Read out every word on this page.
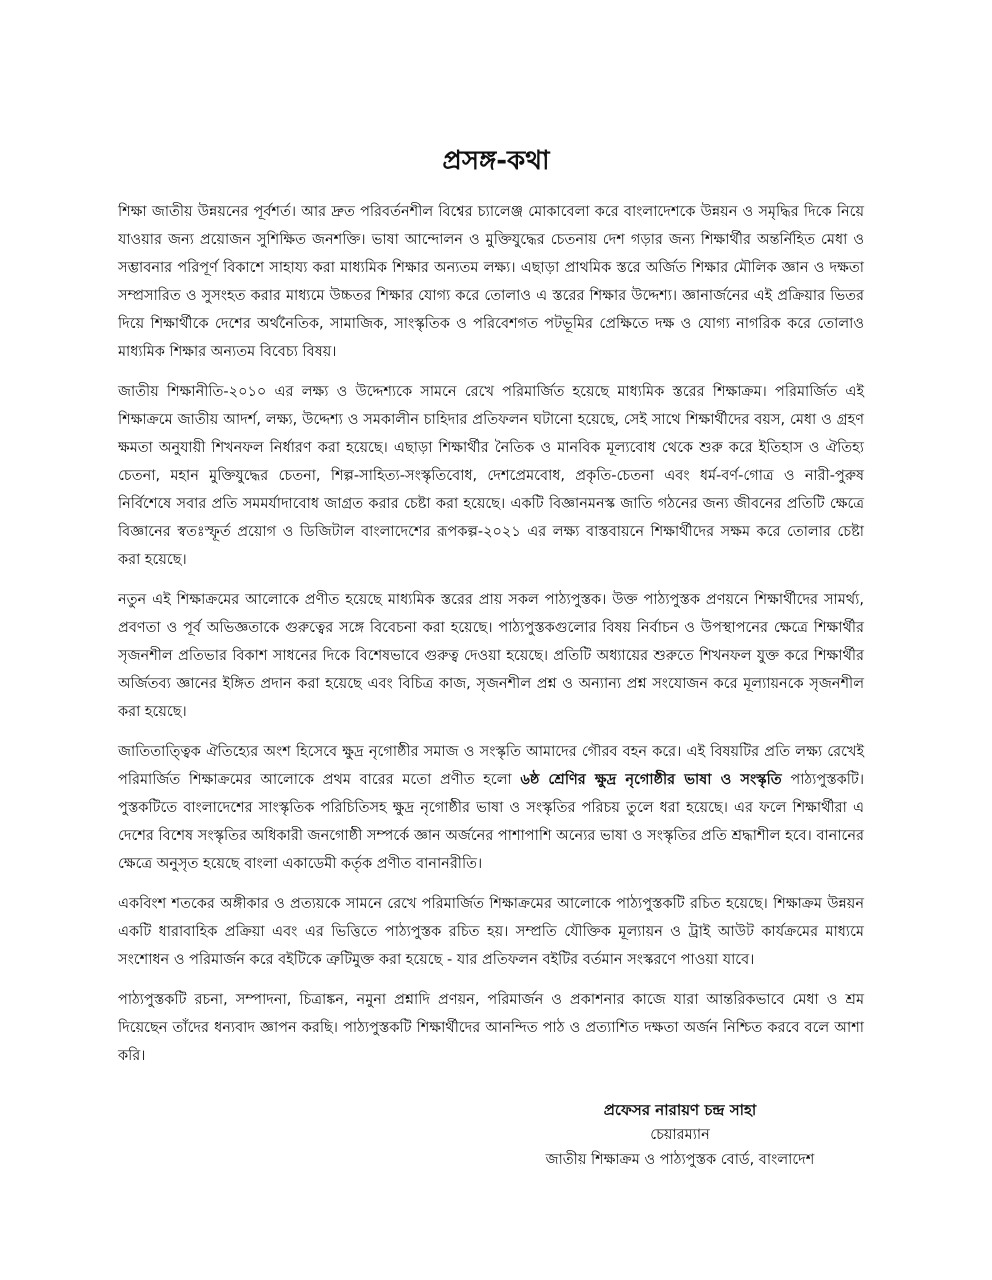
প্রসঙ্গ-কথা

শিক্ষা জাতীয় উন্নয়নের পূর্বশর্ত। আর দ্রুত পরিবর্তনশীল বিশ্বের চ্যালেঞ্জ মোকাবেলা করে বাংলাদেশকে উন্নয়ন ও সমৃদ্ধির দিকে নিয়ে যাওয়ার জন্য প্রয়োজন সুশিক্ষিত জনশক্তি। ভাষা আন্দোলন ও মুক্তিযুদ্ধের চেতনায় দেশ গড়ার জন্য শিক্ষার্থীর অন্তর্নিহিত মেধা ও সম্ভাবনার পরিপূর্ণ বিকাশে সাহায্য করা মাধ্যমিক শিক্ষার অন্যতম লক্ষ্য। এছাড়া প্রাথমিক স্তরে অর্জিত শিক্ষার মৌলিক জ্ঞান ও দক্ষতা সম্প্রসারিত ও সুসংহত করার মাধ্যমে উচ্চতর শিক্ষার যোগ্য করে তোলাও এ স্তরের শিক্ষার উদ্দেশ্য। জ্ঞানার্জনের এই প্রক্রিয়ার ভিতর দিয়ে শিক্ষার্থীকে দেশের অর্থনৈতিক, সামাজিক, সাংস্কৃতিক ও পরিবেশগত পটভূমির প্রেক্ষিতে দক্ষ ও যোগ্য নাগরিক করে তোলাও মাধ্যমিক শিক্ষার অন্যতম বিবেচ্য বিষয়।

জাতীয় শিক্ষানীতি-২০১০ এর লক্ষ্য ও উদ্দেশ্যকে সামনে রেখে পরিমার্জিত হয়েছে মাধ্যমিক স্তরের শিক্ষাক্রম। পরিমার্জিত এই শিক্ষাক্রমে জাতীয় আদর্শ, লক্ষ্য, উদ্দেশ্য ও সমকালীন চাহিদার প্রতিফলন ঘটানো হয়েছে, সেই সাথে শিক্ষার্থীদের বয়স, মেধা ও গ্রহণ ক্ষমতা অনুযায়ী শিখনফল নির্ধারণ করা হয়েছে। এছাড়া শিক্ষার্থীর নৈতিক ও মানবিক মূল্যবোধ থেকে শুরু করে ইতিহাস ও ঐতিহ্য চেতনা, মহান মুক্তিযুদ্ধের চেতনা, শিল্প-সাহিত্য-সংস্কৃতিবোধ, দেশপ্রেমবোধ, প্রকৃতি-চেতনা এবং ধর্ম-বর্ণ-গোত্র ও নারী-পুরুষ নির্বিশেষে সবার প্রতি সমমর্যাদাবোধ জাগ্রত করার চেষ্টা করা হয়েছে। একটি বিজ্ঞানমনস্ক জাতি গঠনের জন্য জীবনের প্রতিটি ক্ষেত্রে বিজ্ঞানের স্বতঃস্ফূর্ত প্রয়োগ ও ডিজিটাল বাংলাদেশের রূপকল্প-২০২১ এর লক্ষ্য বাস্তবায়নে শিক্ষার্থীদের সক্ষম করে তোলার চেষ্টা করা হয়েছে।

নতুন এই শিক্ষাক্রমের আলোকে প্রণীত হয়েছে মাধ্যমিক স্তরের প্রায় সকল পাঠ্যপুস্তক। উক্ত পাঠ্যপুস্তক প্রণয়নে শিক্ষার্থীদের সামর্থ্য, প্রবণতা ও পূর্ব অভিজ্ঞতাকে গুরুত্বের সঙ্গে বিবেচনা করা হয়েছে। পাঠ্যপুস্তকগুলোর বিষয় নির্বাচন ও উপস্থাপনের ক্ষেত্রে শিক্ষার্থীর সৃজনশীল প্রতিভার বিকাশ সাধনের দিকে বিশেষভাবে গুরুত্ব দেওয়া হয়েছে। প্রতিটি অধ্যায়ের শুরুতে শিখনফল যুক্ত করে শিক্ষার্থীর অর্জিতব্য জ্ঞানের ইঙ্গিত প্রদান করা হয়েছে এবং বিচিত্র কাজ, সৃজনশীল প্রশ্ন ও অন্যান্য প্রশ্ন সংযোজন করে মূল্যায়নকে সৃজনশীল করা হয়েছে।

জাতিতাত্ত্বিক ঐতিহ্যের অংশ হিসেবে ক্ষুদ্র নৃগোষ্ঠীর সমাজ ও সংস্কৃতি আমাদের গৌরব বহন করে। এই বিষয়টির প্রতি লক্ষ্য রেখেই পরিমার্জিত শিক্ষাক্রমের আলোকে প্রথম বারের মতো প্রণীত হলো ৬ষ্ঠ শ্রেণির ক্ষুদ্র নৃগোষ্ঠীর ভাষা ও সংস্কৃতি পাঠ্যপুস্তকটি। পুস্তকটিতে বাংলাদেশের সাংস্কৃতিক পরিচিতিসহ ক্ষুদ্র নৃগোষ্ঠীর ভাষা ও সংস্কৃতির পরিচয় তুলে ধরা হয়েছে। এর ফলে শিক্ষার্থীরা এ দেশের বিশেষ সংস্কৃতির অধিকারী জনগোষ্ঠী সম্পর্কে জ্ঞান অর্জনের পাশাপাশি অন্যের ভাষা ও সংস্কৃতির প্রতি শ্রদ্ধাশীল হবে। বানানের ক্ষেত্রে অনুসৃত হয়েছে বাংলা একাডেমী কর্তৃক প্রণীত বানানরীতি।

একবিংশ শতকের অঙ্গীকার ও প্রত্যয়কে সামনে রেখে পরিমার্জিত শিক্ষাক্রমের আলোকে পাঠ্যপুস্তকটি রচিত হয়েছে। শিক্ষাক্রম উন্নয়ন একটি ধারাবাহিক প্রক্রিয়া এবং এর ভিত্তিতে পাঠ্যপুস্তক রচিত হয়। সম্প্রতি যৌক্তিক মূল্যায়ন ও ট্রাই আউট কার্যক্রমের মাধ্যমে সংশোধন ও পরিমার্জন করে বইটিকে ত্রুটিমুক্ত করা হয়েছে - যার প্রতিফলন বইটির বর্তমান সংস্করণে পাওয়া যাবে।

পাঠ্যপুস্তকটি রচনা, সম্পাদনা, চিত্রাঙ্কন, নমুনা প্রশ্নাদি প্রণয়ন, পরিমার্জন ও প্রকাশনার কাজে যারা আন্তরিকভাবে মেধা ও শ্রম দিয়েছেন তাঁদের ধন্যবাদ জ্ঞাপন করছি। পাঠ্যপুস্তকটি শিক্ষার্থীদের আনন্দিত পাঠ ও প্রত্যাশিত দক্ষতা অর্জন নিশ্চিত করবে বলে আশা করি।

প্রফেসর নারায়ণ চন্দ্র সাহা
চেয়ারম্যান
জাতীয় শিক্ষাক্রম ও পাঠ্যপুস্তক বোর্ড, বাংলাদেশ
